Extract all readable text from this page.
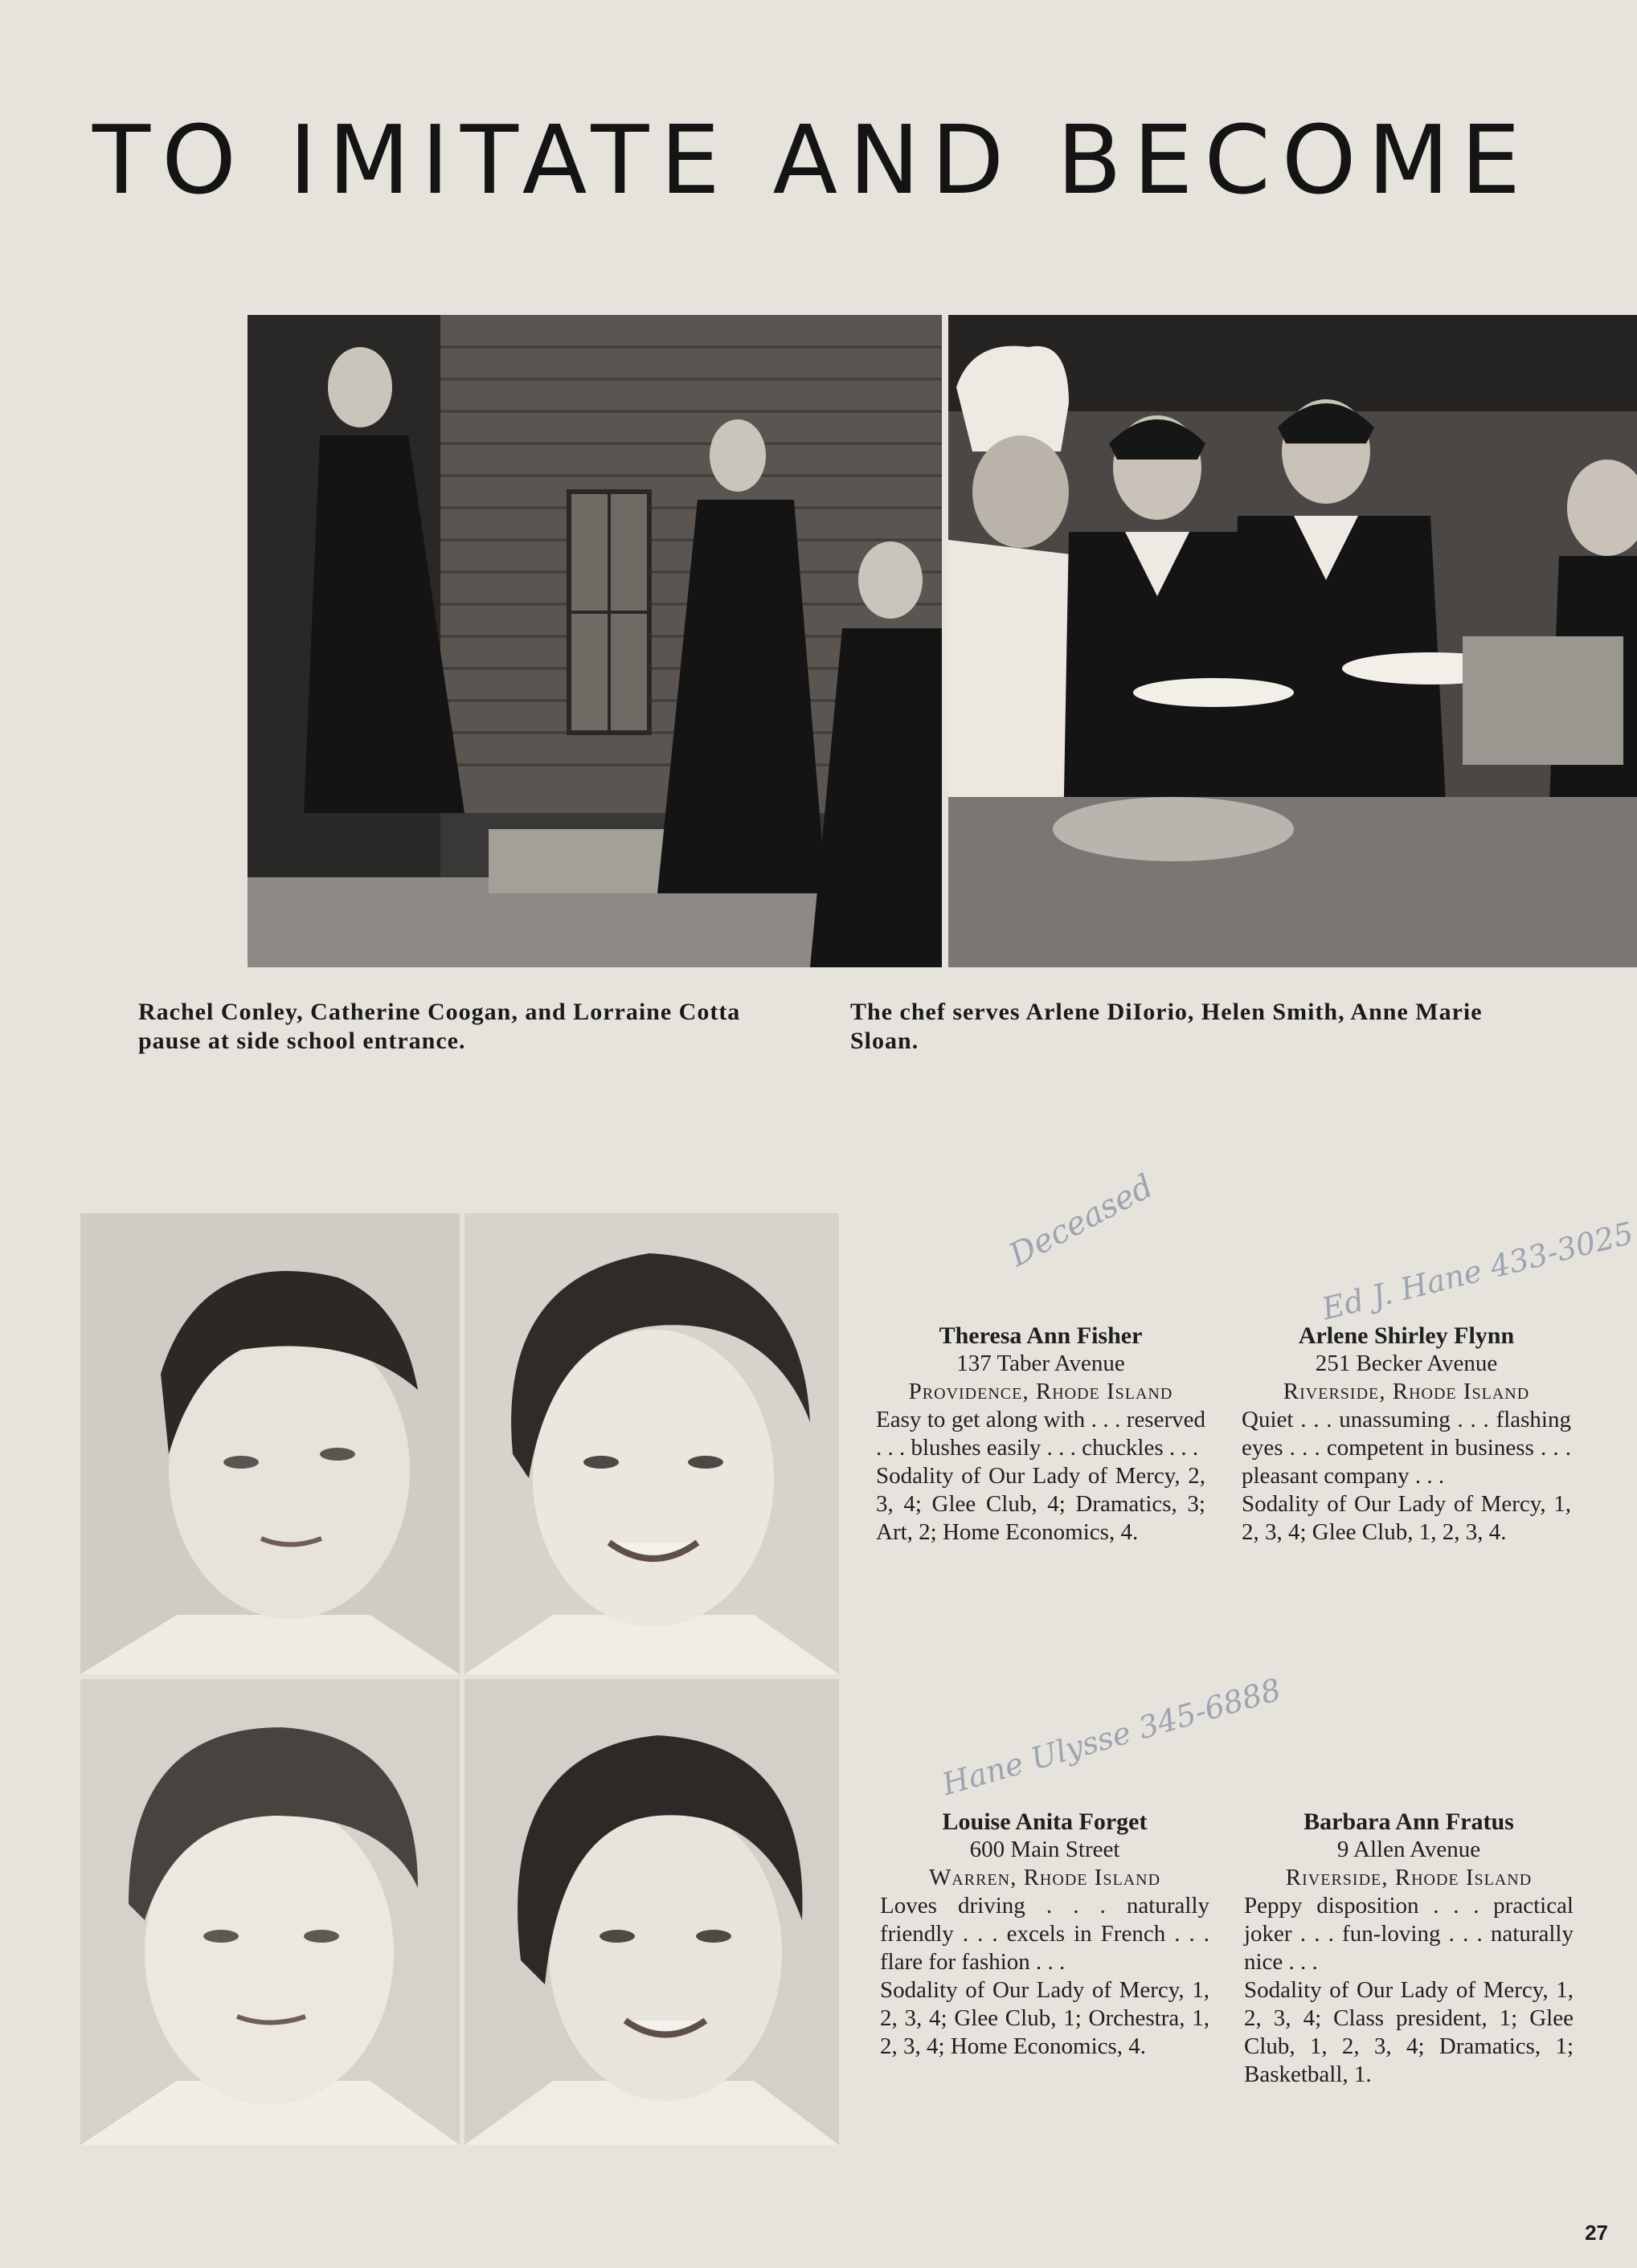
TO IMITATE AND BECOME
Rachel Conley, Catherine Coogan, and Lorraine Cotta pause at side school entrance.
The chef serves Arlene DiIorio, Helen Smith, Anne Marie Sloan.
Deceased	Ed J. Hane 433-3025
Hane Ulysse 345-6888
Theresa Ann Fisher
137 Taber Avenue
Providence, Rhode Island
Easy to get along with . . . reserved . . . blushes easily . . . chuckles . . .
Sodality of Our Lady of Mercy, 2, 3, 4; Glee Club, 4; Dramatics, 3; Art, 2; Home Economics, 4.
Arlene Shirley Flynn
251 Becker Avenue
Riverside, Rhode Island
Quiet . . . unassuming . . . flashing eyes . . . competent in business . . . pleasant company . . .
Sodality of Our Lady of Mercy, 1, 2, 3, 4; Glee Club, 1, 2, 3, 4.
Louise Anita Forget
600 Main Street
Warren, Rhode Island
Loves driving . . . naturally friendly . . . excels in French . . . flare for fashion . . .
Sodality of Our Lady of Mercy, 1, 2, 3, 4; Glee Club, 1; Orchestra, 1, 2, 3, 4; Home Economics, 4.
Barbara Ann Fratus
9 Allen Avenue
Riverside, Rhode Island
Peppy disposition . . . practical joker . . . fun-loving . . . naturally nice . . .
Sodality of Our Lady of Mercy, 1, 2, 3, 4; Class president, 1; Glee Club, 1, 2, 3, 4; Dramatics, 1; Basketball, 1.
27
